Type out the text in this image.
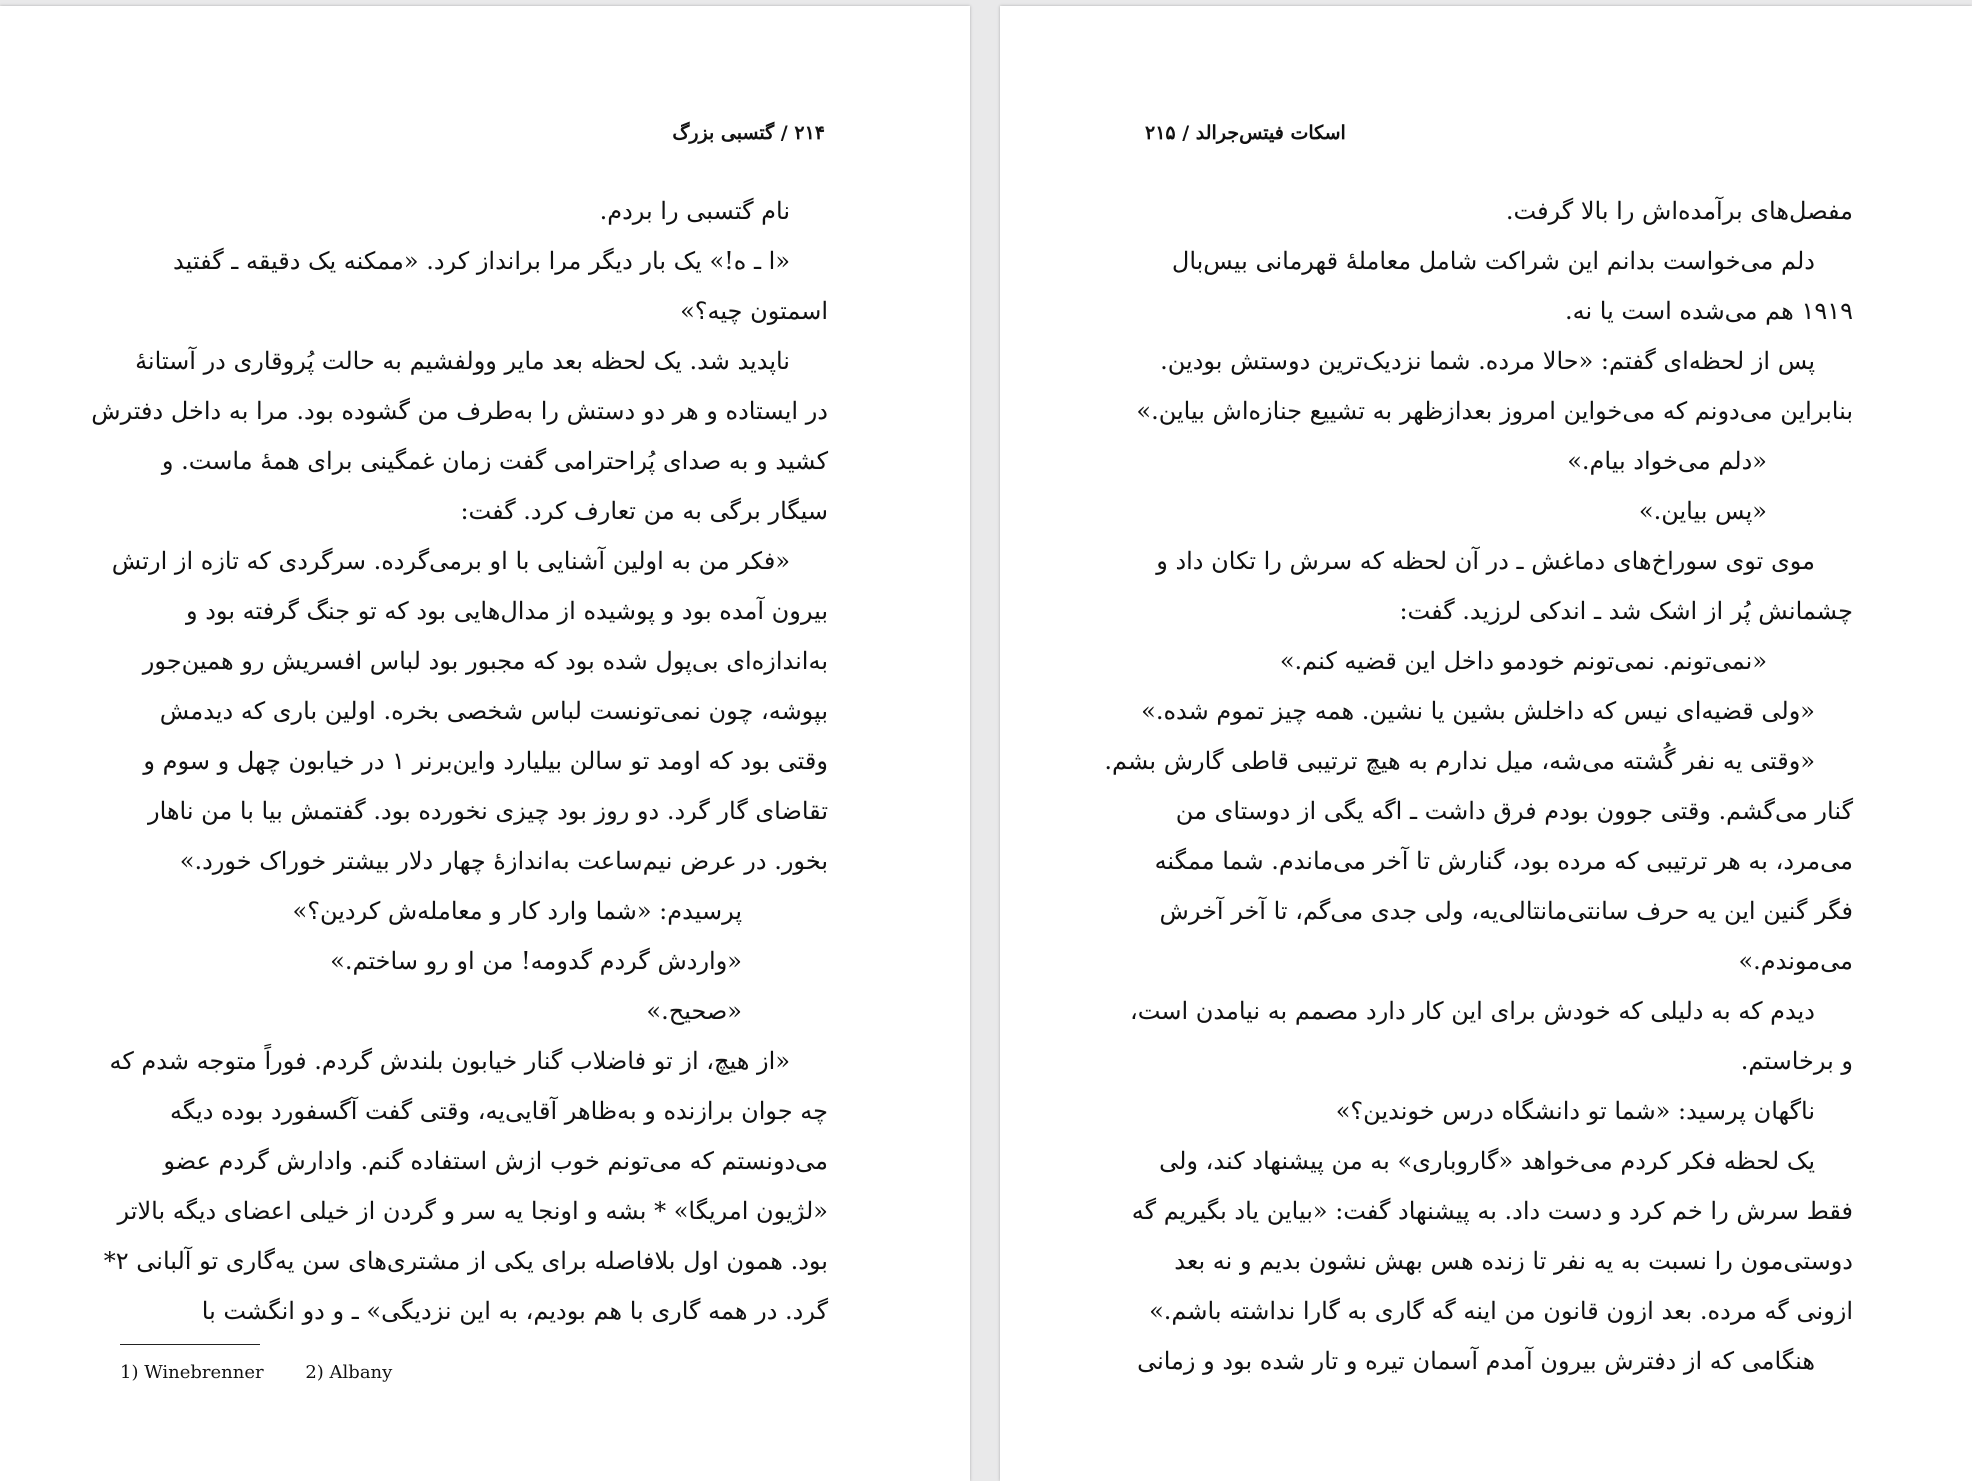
۲۱۴ / گتسبی بزرگ
نام گتسبی را بردم.
«ا ـ ه!» یک بار دیگر مرا برانداز کرد. «ممکنه یک دقیقه ـ گفتید
اسمتون چیه؟»
ناپدید شد. یک لحظه بعد مایر وولفشیم به حالت پُروقاری در آستانهٔ
در ایستاده و هر دو دستش را به‌طرف من گشوده بود. مرا به داخل دفترش
کشید و به صدای پُراحترامی گفت زمان غمگینی برای همهٔ ماست. و
سیگار برگی به من تعارف کرد. گفت:
«فکر من به اولین آشنایی با او برمی‌گرده. سرگردی که تازه از ارتش
بیرون آمده بود و پوشیده از مدال‌هایی بود که تو جنگ گرفته بود و
به‌اندازه‌ای بی‌پول شده بود که مجبور بود لباس افسریش رو همین‌جور
بپوشه، چون نمی‌تونست لباس شخصی بخره. اولین باری که دیدمش
وقتی بود که اومد تو سالن بیلیارد واین‌برنر ۱ در خیابون چهل و سوم و
تقاضای گار گرد. دو روز بود چیزی نخورده بود. گفتمش بیا با من ناهار
بخور. در عرض نیم‌ساعت به‌اندازهٔ چهار دلار بیشتر خوراک خورد.»
پرسیدم: «شما وارد کار و معامله‌ش کردین؟»
«واردش گردم گدومه! من او رو ساختم.»
«صحیح.»
«از هیچ، از تو فاضلاب گنار خیابون بلندش گردم. فوراً متوجه شدم که
چه جوان برازنده و به‌ظاهر آقایی‌یه، وقتی گفت آگسفورد بوده دیگه
می‌دونستم که می‌تونم خوب ازش استفاده گنم. وادارش گردم عضو
«لژیون امریگا» * بشه و اونجا یه سر و گردن از خیلی اعضای دیگه بالاتر
بود. همون اول بلافاصله برای یکی از مشتری‌های سن یه‌گاری تو آلبانی ۲*
گرد. در همه گاری با هم بودیم، به این نزدیگی» ـ و دو انگشت با
1) Winebrenner 2) Albany
اسکات فیتس‌جرالد / ۲۱۵
مفصل‌های برآمده‌اش را بالا گرفت.
دلم می‌خواست بدانم این شراکت شامل معاملهٔ قهرمانی بیس‌بال
۱۹۱۹ هم می‌شده است یا نه.
پس از لحظه‌ای گفتم: «حالا مرده. شما نزدیک‌ترین دوستش بودین.
بنابراین می‌دونم که می‌خواین امروز بعدازظهر به تشییع جنازه‌اش بیاین.»
«دلم می‌خواد بیام.»
«پس بیاین.»
موی توی سوراخ‌های دماغش ـ در آن لحظه که سرش را تکان داد و
چشمانش پُر از اشک شد ـ اندکی لرزید. گفت:
«نمی‌تونم. نمی‌تونم خودمو داخل این قضیه کنم.»
«ولی قضیه‌ای نیس که داخلش بشین یا نشین. همه چیز تموم شده.»
«وقتی یه نفر گُشته می‌شه، میل ندارم به هیچ ترتیبی قاطی گارش بشم.
گنار می‌گشم. وقتی جوون بودم فرق داشت ـ اگه یگی از دوستای من
می‌مرد، به هر ترتیبی که مرده بود، گنارش تا آخر می‌ماندم. شما ممگنه
فگر گنین این یه حرف سانتی‌مانتالی‌یه، ولی جدی می‌گم، تا آخر آخرش
می‌موندم.»
دیدم که به دلیلی که خودش برای این کار دارد مصمم به نیامدن است،
و برخاستم.
ناگهان پرسید: «شما تو دانشگاه درس خوندین؟»
یک لحظه فکر کردم می‌خواهد «گاروباری» به من پیشنهاد کند، ولی
فقط سرش را خم کرد و دست داد. به پیشنهاد گفت: «بیاین یاد بگیریم گه
دوستی‌مون را نسبت به یه نفر تا زنده هس بهش نشون بدیم و نه بعد
ازونی گه مرده. بعد ازون قانون من اینه گه گاری به گارا نداشته باشم.»
هنگامی که از دفترش بیرون آمدم آسمان تیره و تار شده بود و زمانی
